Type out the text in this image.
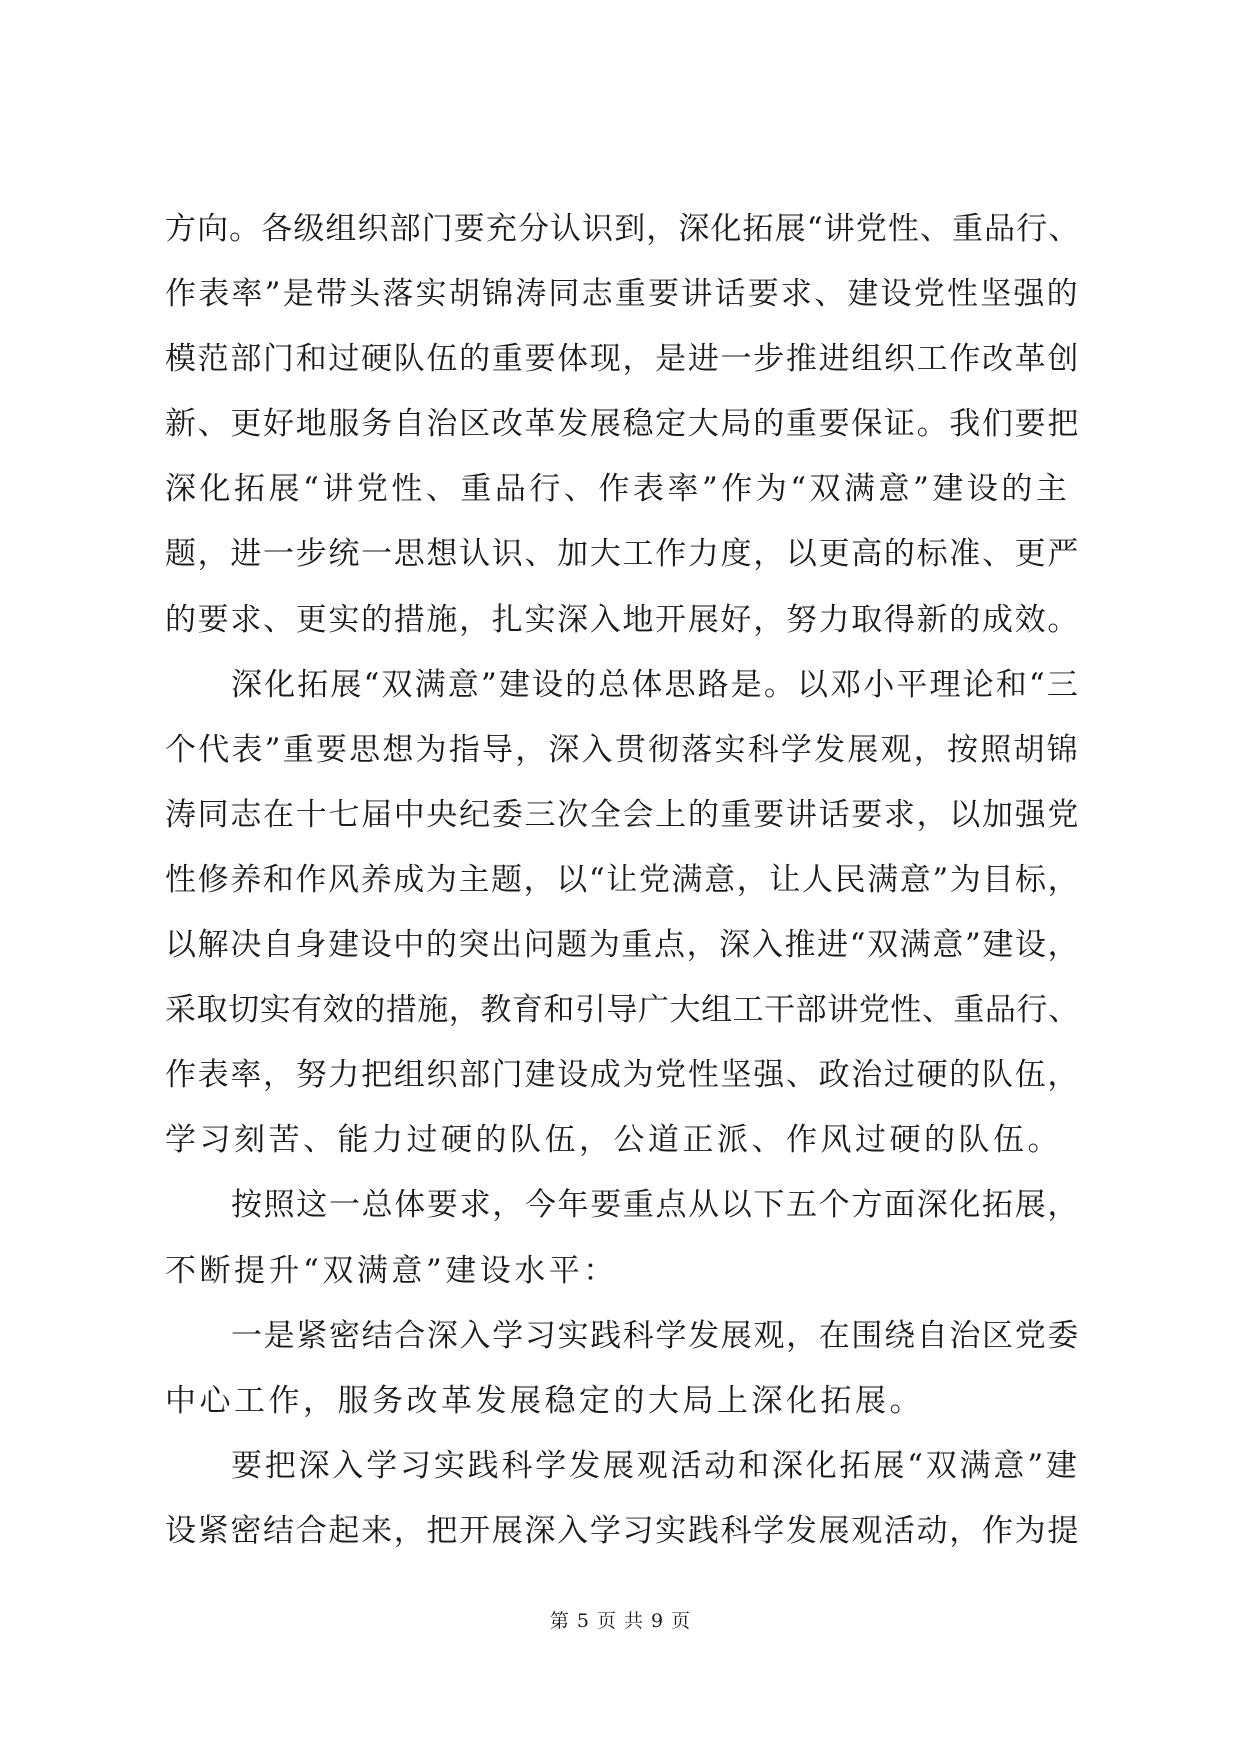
方向。各级组织部门要充分认识到，深化拓展“讲党性、重品行、
作表率”是带头落实胡锦涛同志重要讲话要求、建设党性坚强的
模范部门和过硬队伍的重要体现，是进一步推进组织工作改革创
新、更好地服务自治区改革发展稳定大局的重要保证。我们要把
深化拓展“讲党性、重品行、作表率”作为“双满意”建设的主
题，进一步统一思想认识、加大工作力度，以更高的标准、更严
的要求、更实的措施，扎实深入地开展好，努力取得新的成效。
深化拓展“双满意”建设的总体思路是。以邓小平理论和“三
个代表”重要思想为指导，深入贯彻落实科学发展观，按照胡锦
涛同志在十七届中央纪委三次全会上的重要讲话要求，以加强党
性修养和作风养成为主题，以“让党满意，让人民满意”为目标，
以解决自身建设中的突出问题为重点，深入推进“双满意”建设，
采取切实有效的措施，教育和引导广大组工干部讲党性、重品行、
作表率，努力把组织部门建设成为党性坚强、政治过硬的队伍，
学习刻苦、能力过硬的队伍，公道正派、作风过硬的队伍。
按照这一总体要求，今年要重点从以下五个方面深化拓展，
不断提升“双满意”建设水平：
一是紧密结合深入学习实践科学发展观，在围绕自治区党委
中心工作，服务改革发展稳定的大局上深化拓展。
要把深入学习实践科学发展观活动和深化拓展“双满意”建
设紧密结合起来，把开展深入学习实践科学发展观活动，作为提
第 5 页 共 9 页
